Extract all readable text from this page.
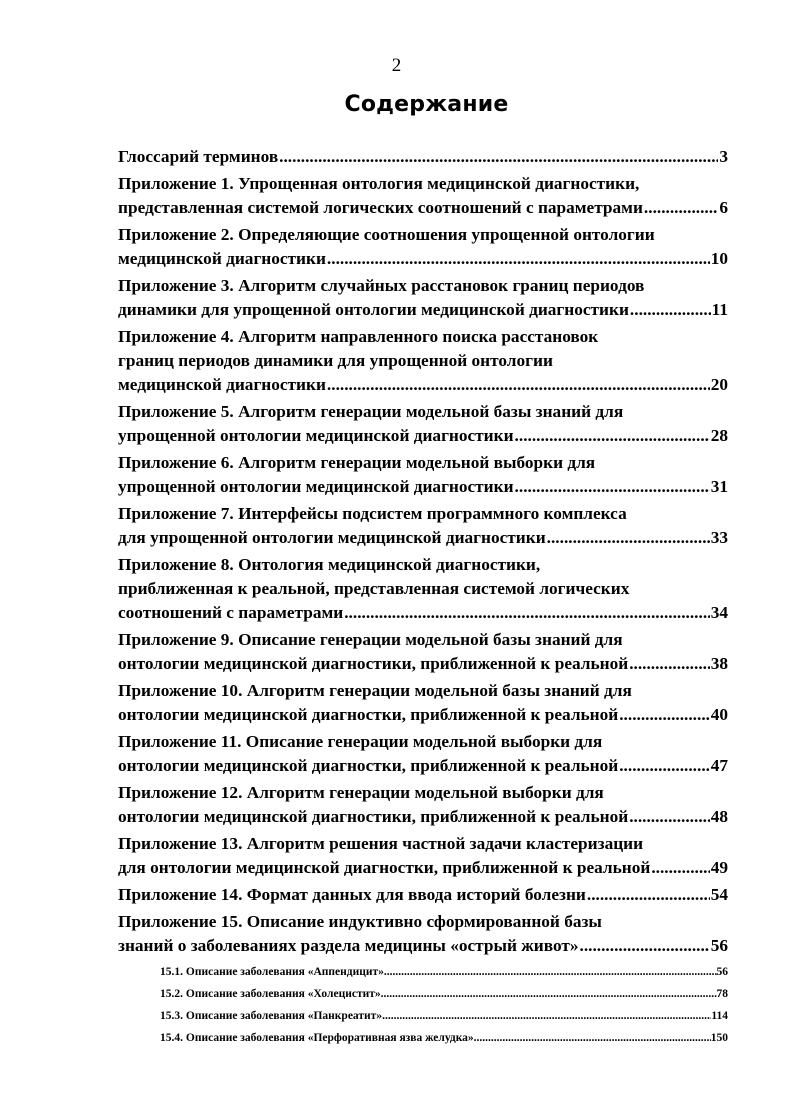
2
Содержание
Глоссарий терминов .....	3
Приложение 1. Упрощенная онтология медицинской диагностики,
представленная системой логических соотношений с параметрами .....	6
Приложение 2. Определяющие соотношения упрощенной онтологии
медицинской диагностики .....	10
Приложение 3. Алгоритм случайных расстановок границ периодов
динамики для упрощенной онтологии медицинской диагностики .....	11
Приложение 4. Алгоритм направленного поиска расстановок
границ периодов динамики для упрощенной онтологии
медицинской диагностики .....	20
Приложение 5. Алгоритм генерации модельной базы знаний для
упрощенной онтологии медицинской диагностики .....	28
Приложение 6. Алгоритм генерации модельной выборки для
упрощенной онтологии медицинской диагностики .....	31
Приложение 7. Интерфейсы подсистем программного комплекса
для упрощенной онтологии медицинской диагностики .....	33
Приложение 8. Онтология медицинской диагностики,
приближенная к реальной, представленная системой логических
соотношений с параметрами .....	34
Приложение 9. Описание генерации модельной базы знаний для
онтологии медицинской диагностики, приближенной к реальной .....	38
Приложение 10. Алгоритм генерации модельной базы знаний для
онтологии медицинской диагностки, приближенной к реальной .....	40
Приложение 11. Описание генерации модельной выборки для
онтологии медицинской диагностки, приближенной к реальной .....	47
Приложение 12. Алгоритм генерации модельной выборки для
онтологии медицинской диагностики, приближенной к реальной .....	48
Приложение 13. Алгоритм решения частной задачи кластеризации
для онтологии медицинской диагностки, приближенной к реальной .....	49
Приложение 14. Формат данных для ввода историй болезни .....	54
Приложение 15. Описание индуктивно сформированной базы
знаний о заболеваниях раздела медицины «острый живот» .....	56
15.1. Описание заболевания «Аппендицит» .....	56
15.2. Описание заболевания «Холецистит» .....	78
15.3. Описание заболевания «Панкреатит» .....	114
15.4. Описание заболевания «Перфоративная язва желудка» .....	150
